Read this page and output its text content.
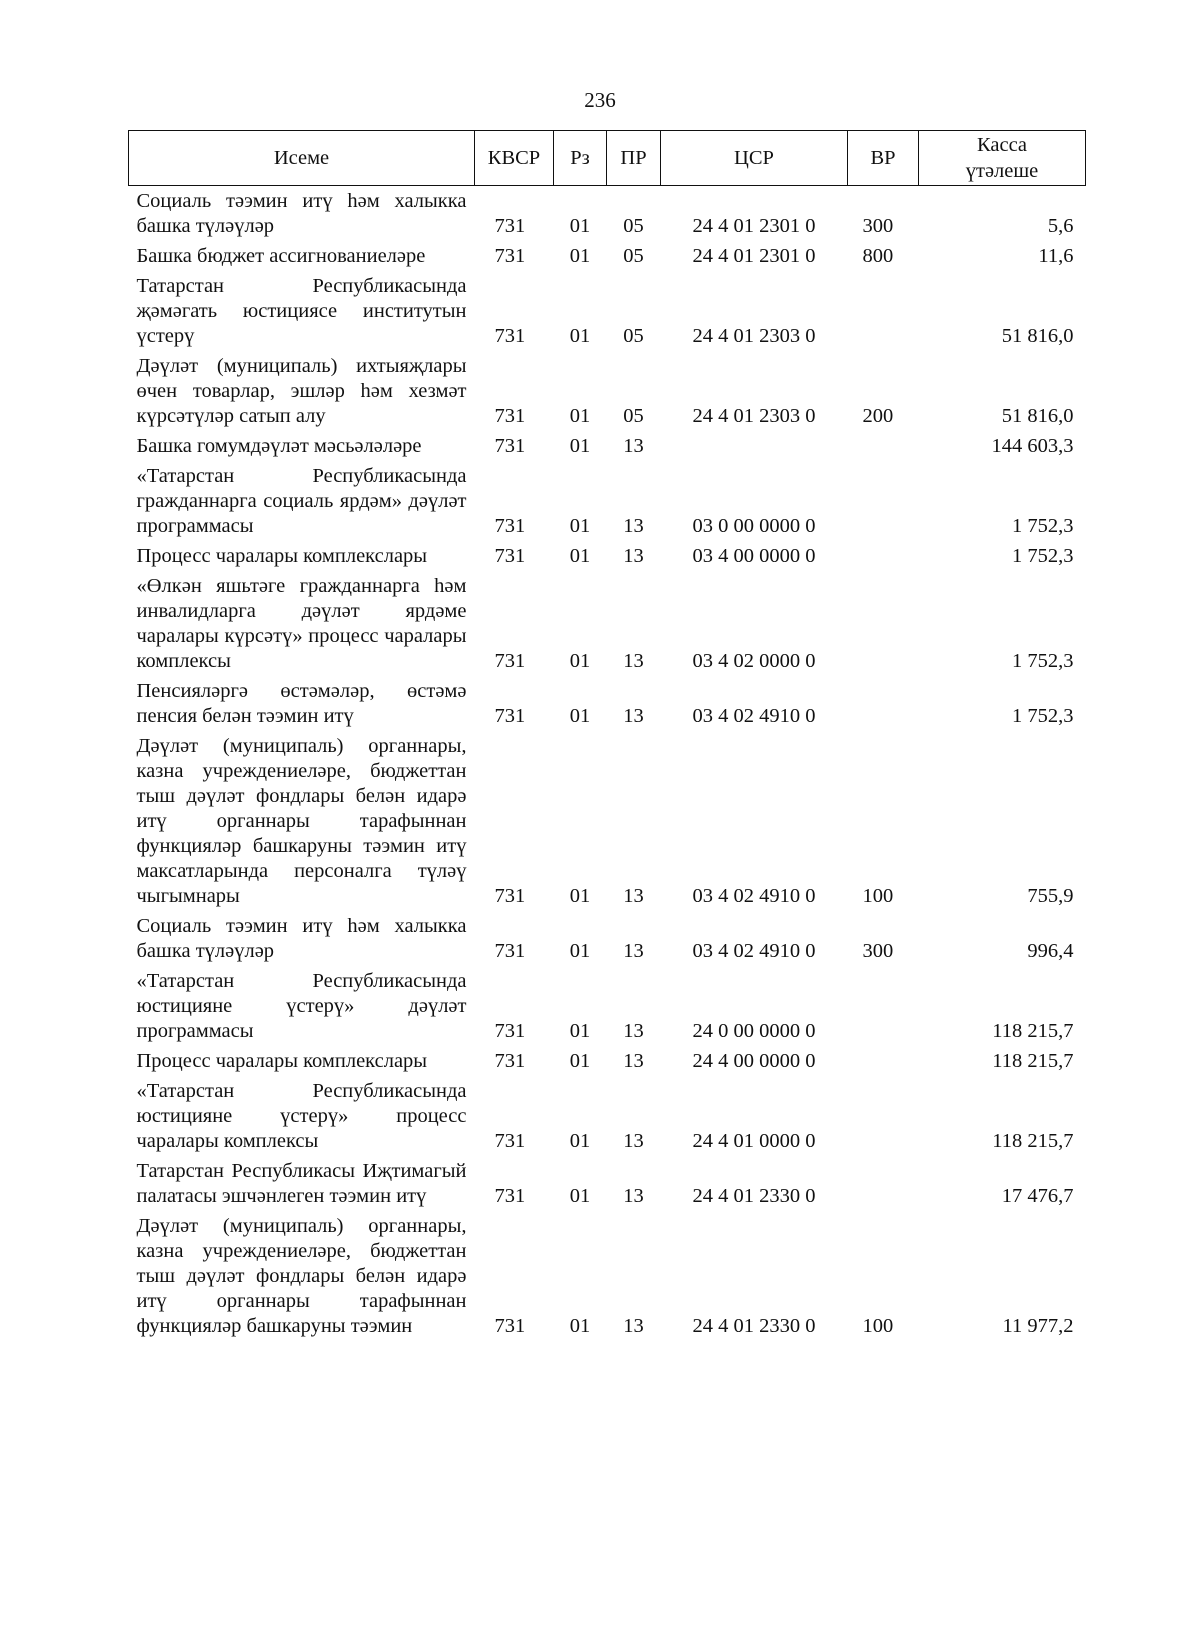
236
Исеме	КВСР	Рз	ПР	ЦСР	ВР	Касса
үтәлеше

Социаль тәэмин итү һәм халыкка башка түләүләр	731	01	05	24 4 01 2301 0	300	5,6
Башка бюджет ассигнованиеләре	731	01	05	24 4 01 2301 0	800	11,6
Татарстан Республикасында җәмәгать юстициясе институтын үстерү	731	01	05	24 4 01 2303 0		51 816,0
Дәүләт (муниципаль) ихтыяҗлары өчен товарлар, эшләр һәм хезмәт күрсәтүләр сатып алу	731	01	05	24 4 01 2303 0	200	51 816,0
Башка гомумдәүләт мәсьәләләре	731	01	13			144 603,3
«Татарстан Республикасында гражданнарга социаль ярдәм» дәүләт программасы	731	01	13	03 0 00 0000 0		1 752,3
Процесс чаралары комплекслары	731	01	13	03 4 00 0000 0		1 752,3
«Өлкән яшьтәге гражданнарга һәм инвалидларга дәүләт ярдәме чаралары күрсәтү» процесс чаралары комплексы	731	01	13	03 4 02 0000 0		1 752,3
Пенсияләргә өстәмәләр, өстәмә пенсия белән тәэмин итү	731	01	13	03 4 02 4910 0		1 752,3
Дәүләт (муниципаль) органнары, казна учреждениеләре, бюджеттан тыш дәүләт фондлары белән идарә итү органнары тарафыннан функцияләр башкаруны тәэмин итү максатларында персоналга түләү чыгымнары	731	01	13	03 4 02 4910 0	100	755,9
Социаль тәэмин итү һәм халыкка башка түләүләр	731	01	13	03 4 02 4910 0	300	996,4
«Татарстан Республикасында юстицияне үстерү» дәүләт программасы	731	01	13	24 0 00 0000 0		118 215,7
Процесс чаралары комплекслары	731	01	13	24 4 00 0000 0		118 215,7
«Татарстан Республикасында юстицияне үстерү» процесс чаралары комплексы	731	01	13	24 4 01 0000 0		118 215,7
Татарстан Республикасы Иҗтимагый палатасы эшчәнлеген тәэмин итү	731	01	13	24 4 01 2330 0		17 476,7
Дәүләт (муниципаль) органнары, казна учреждениеләре, бюджеттан тыш дәүләт фондлары белән идарә итү органнары тарафыннан функцияләр башкаруны тәэмин	731	01	13	24 4 01 2330 0	100	11 977,2
